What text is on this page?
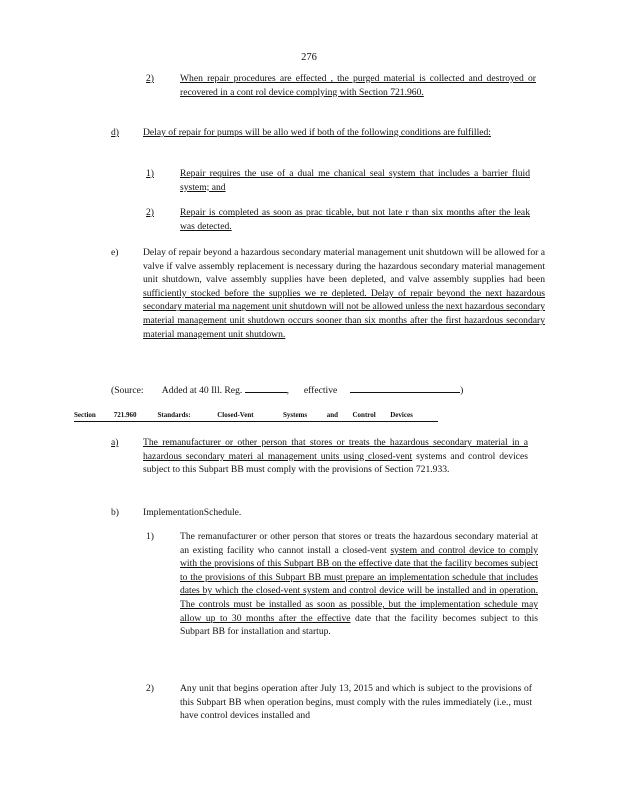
276
2)	When repair procedures are effected , the purged material is collected and destroyed or recovered in a cont rol device complying with Section 721.960.
d)	Delay of repair for pumps will be allo wed if both of the following conditions are fulfilled:
1)	Repair requires the use of a dual me chanical seal system that includes a barrier fluid system; and
2)	Repair is completed as soon as prac ticable, but not late r than six months after the leak was detected.
e)	Delay of repair beyond a hazardous secondary material management unit shutdown will be allowed for a valve if valve assembly replacement is necessary during the hazardous secondary material management unit shutdown, valve assembly supplies have been depleted, and valve assembly supplies had been sufficiently stocked before the supplies we re depleted. Delay of repair beyond the next hazardous secondary material ma nagement unit shutdown will not be allowed unless the next hazardous secondary material management unit shutdown occurs sooner than six months after the first hazardous secondary material management unit shutdown.
(Source: Added at 40 Ill. Reg.	, effective	)
Section	721.960	Standards:	Closed-Vent	Systems	and Control Devices
a)	The remanufacturer or other person that stores or treats the hazardous secondary material in a hazardous secondary materi al management units using closed-vent systems and control devices subject to this Subpart BB must comply with the provisions of Section 721.933.
b)	ImplementationSchedule.
1)	The remanufacturer or other person that stores or treats the hazardous secondary material at an existing facility who cannot install a closed-vent system and control device to comply with the provisions of this Subpart BB on the effective date that the facility becomes subject to the provisions of this Subpart BB must prepare an implementation schedule that includes dates by which the closed-vent system and control device will be installed and in operation. The controls must be installed as soon as possible, but the implementation schedule may allow up to 30 months after the effective date that the facility becomes subject to this Subpart BB for installation and startup.
2)	Any unit that begins operation after July 13, 2015 and which is subject to the provisions of this Subpart BB when operation begins, must comply with the rules immediately (i.e., must have control devices installed and
